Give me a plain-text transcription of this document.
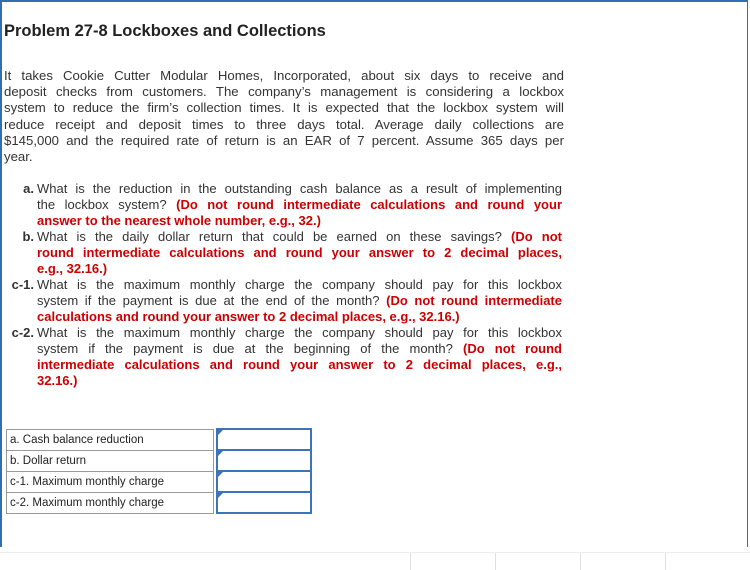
Problem 27-8 Lockboxes and Collections
It takes Cookie Cutter Modular Homes, Incorporated, about six days to receive and
deposit checks from customers. The company’s management is considering a lockbox
system to reduce the firm’s collection times. It is expected that the lockbox system will
reduce receipt and deposit times to three days total. Average daily collections are
$145,000 and the required rate of return is an EAR of 7 percent. Assume 365 days per
year.
a. What is the reduction in the outstanding cash balance as a result of implementing
the lockbox system? (Do not round intermediate calculations and round your
answer to the nearest whole number, e.g., 32.)
b. What is the daily dollar return that could be earned on these savings? (Do not
round intermediate calculations and round your answer to 2 decimal places,
e.g., 32.16.)
c-1. What is the maximum monthly charge the company should pay for this lockbox
system if the payment is due at the end of the month? (Do not round intermediate
calculations and round your answer to 2 decimal places, e.g., 32.16.)
c-2. What is the maximum monthly charge the company should pay for this lockbox
system if the payment is due at the beginning of the month? (Do not round
intermediate calculations and round your answer to 2 decimal places, e.g.,
32.16.)
a. Cash balance reduction		

b. Dollar return		

c-1. Maximum monthly charge		

c-2. Maximum monthly charge		
